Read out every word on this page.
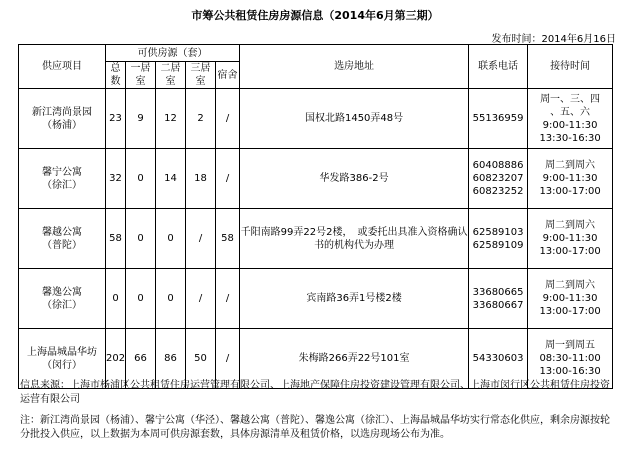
市筹公共租赁住房房源信息（2014年6月第三期）
发布时间：2014年6月16日
供应项目	可供房源（套）					选房地址	联系电话	接待时间
	总数	一居室	二居室	三居室	宿舍			

新江湾尚景园
（杨浦）	23	9	12	2	/	国权北路1450弄48号	55136959	周一、三、四
、五、六
9:00-11:30
13:30-16:30

馨宁公寓
（徐汇）	32	0	14	18	/	华发路386-2号	60408886
60823207
60823252	周二到周六
9:00-11:30
13:00-17:00

馨越公寓
（普陀）	58	0	0	/	58	千阳南路99弄22号2楼，　或委托出具准入资格确认书的机构代为办理	62589103
62589109	周二到周六
9:00-11:30
13:00-17:00

馨逸公寓
（徐汇）	0	0	0	/	/	宾南路36弄1号楼2楼	33680665
33680667	周二到周六
9:00-11:30
13:00-17:00

上海晶城晶华坊
（闵行）	202	66	86	50	/	朱梅路266弄22号101室	54330603	周一到周五
08:30-11:00
13:00-16:30
信息来源：上海市杨浦区公共租赁住房运营管理有限公司、上海地产保障住房投资建设管理有限公司、上海市闵行区公共租赁住房投资运营有限公司
注：新江湾尚景园（杨浦）、馨宁公寓（华泾）、馨越公寓（普陀）、馨逸公寓（徐汇）、上海晶城晶华坊实行常态化供应，剩余房源按轮分批投入供应，以上数据为本周可供房源套数，具体房源清单及租赁价格，以选房现场公布为准。
